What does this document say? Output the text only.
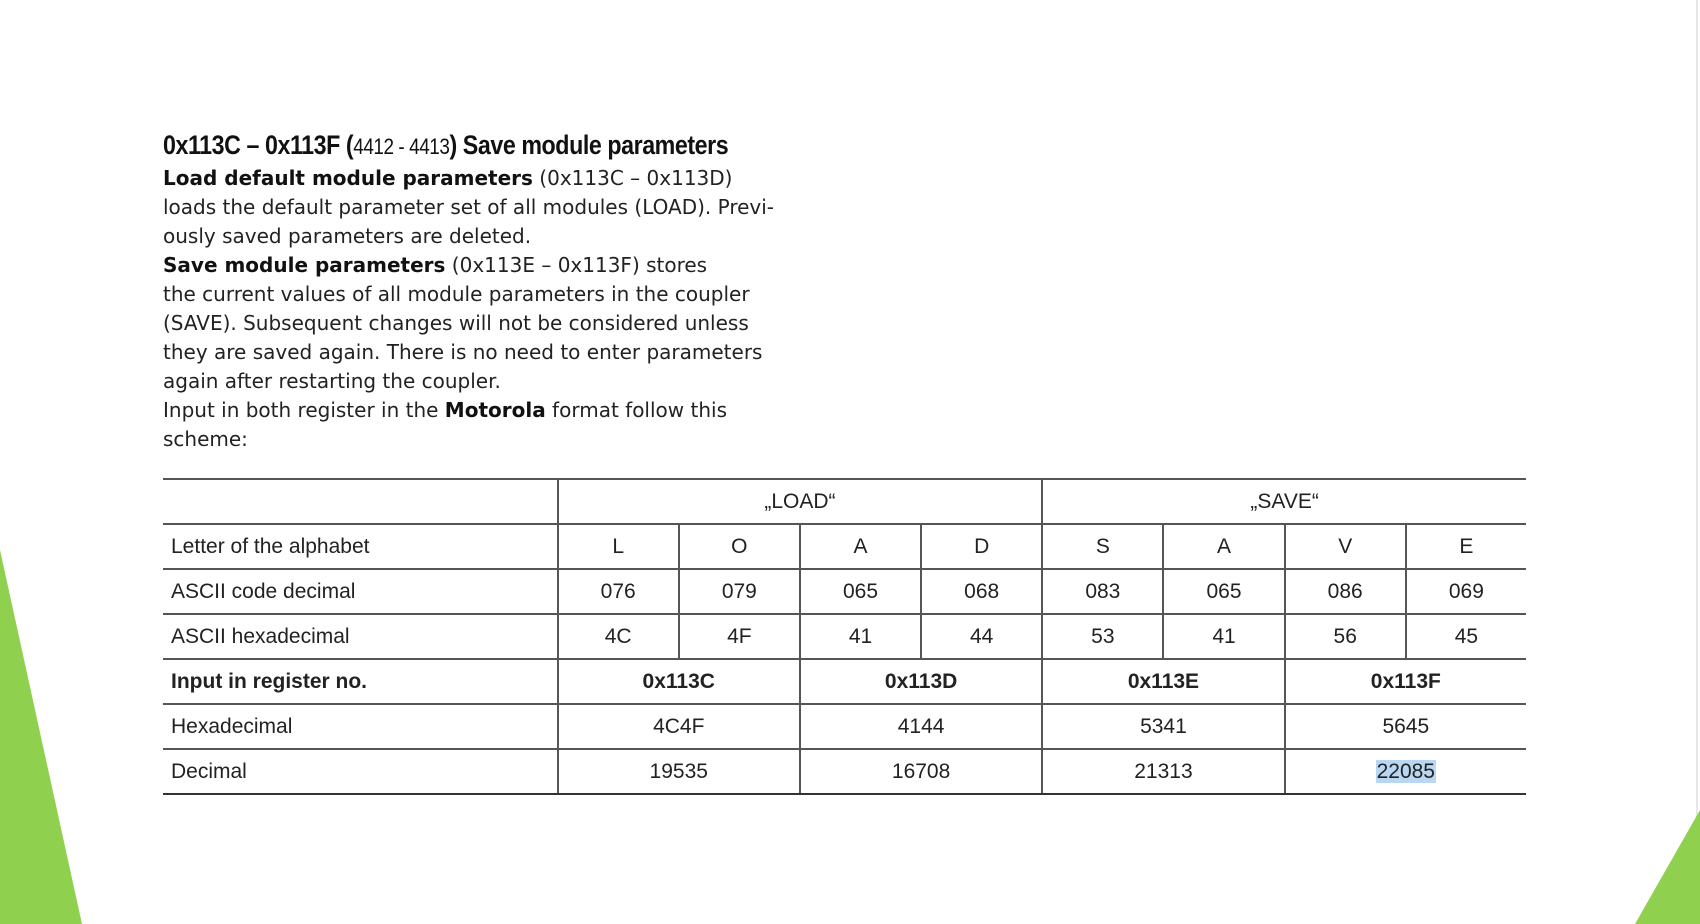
0x113C – 0x113F (4412 - 4413) Save module parameters
Load default module parameters (0x113C – 0x113D)
loads the default parameter set of all modules (LOAD). Previ-
ously saved parameters are deleted.
Save module parameters (0x113E – 0x113F) stores
the current values of all module parameters in the coupler
(SAVE). Subsequent changes will not be considered unless
they are saved again. There is no need to enter parameters
again after restarting the coupler.
Input in both register in the Motorola format follow this
scheme:
	„LOAD“				„SAVE“			
Letter of the alphabet	L	O	A	D	S	A	V	E
ASCII code decimal	076	079	065	068	083	065	086	069
ASCII hexadecimal	4C	4F	41	44	53	41	56	45
Input in register no.	0x113C		0x113D		0x113E		0x113F	
Hexadecimal	4C4F		4144		5341		5645	
Decimal	19535		16708		21313		22085	
